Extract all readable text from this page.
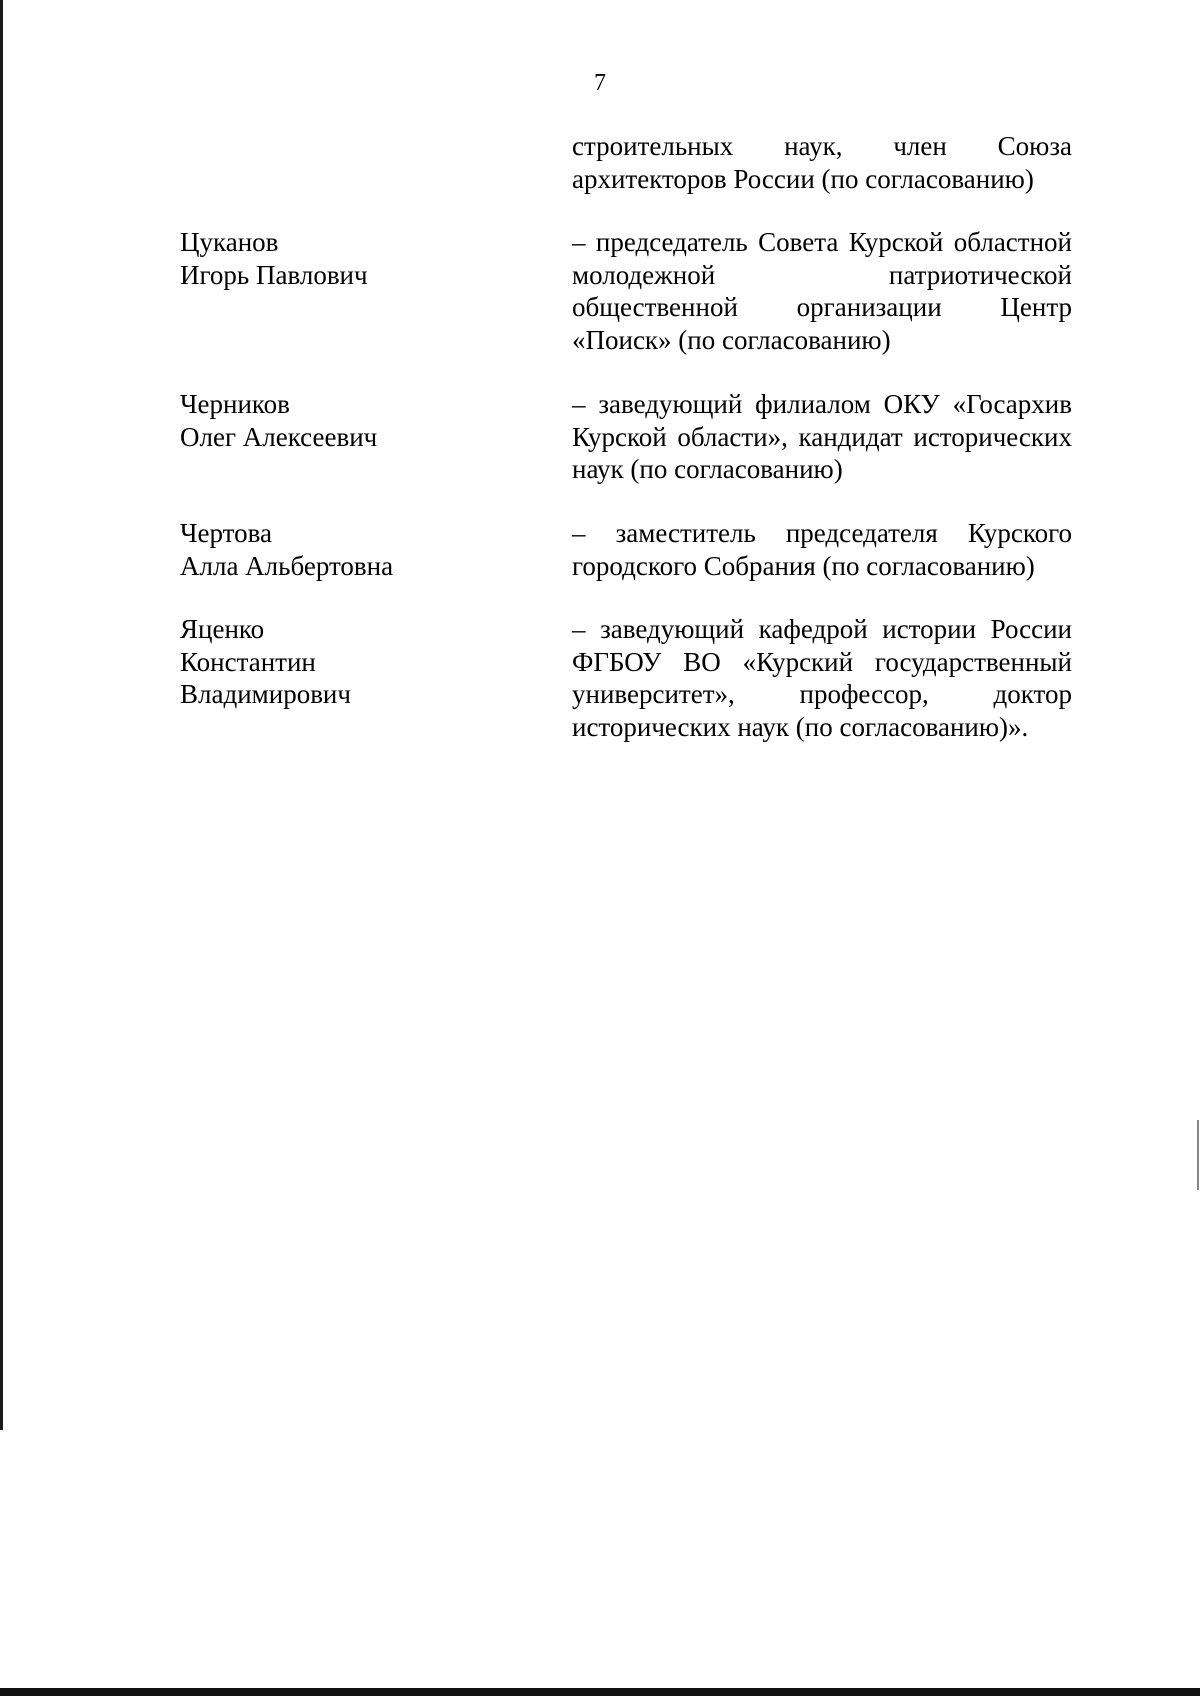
7
строительных наук, член Союза архитекторов России (по согласованию)
Цуканов
Игорь Павлович
– председатель Совета Курской областной молодежной патриотической общественной организации Центр «Поиск» (по согласованию)
Черников
Олег Алексеевич
– заведующий филиалом ОКУ «Госархив Курской области», кандидат исторических наук (по согласованию)
Чертова
Алла Альбертовна
– заместитель председателя Курского городского Собрания (по согласованию)
Яценко
Константин
Владимирович
– заведующий кафедрой истории России ФГБОУ ВО «Курский государственный университет», профессор, доктор исторических наук (по согласованию)».
